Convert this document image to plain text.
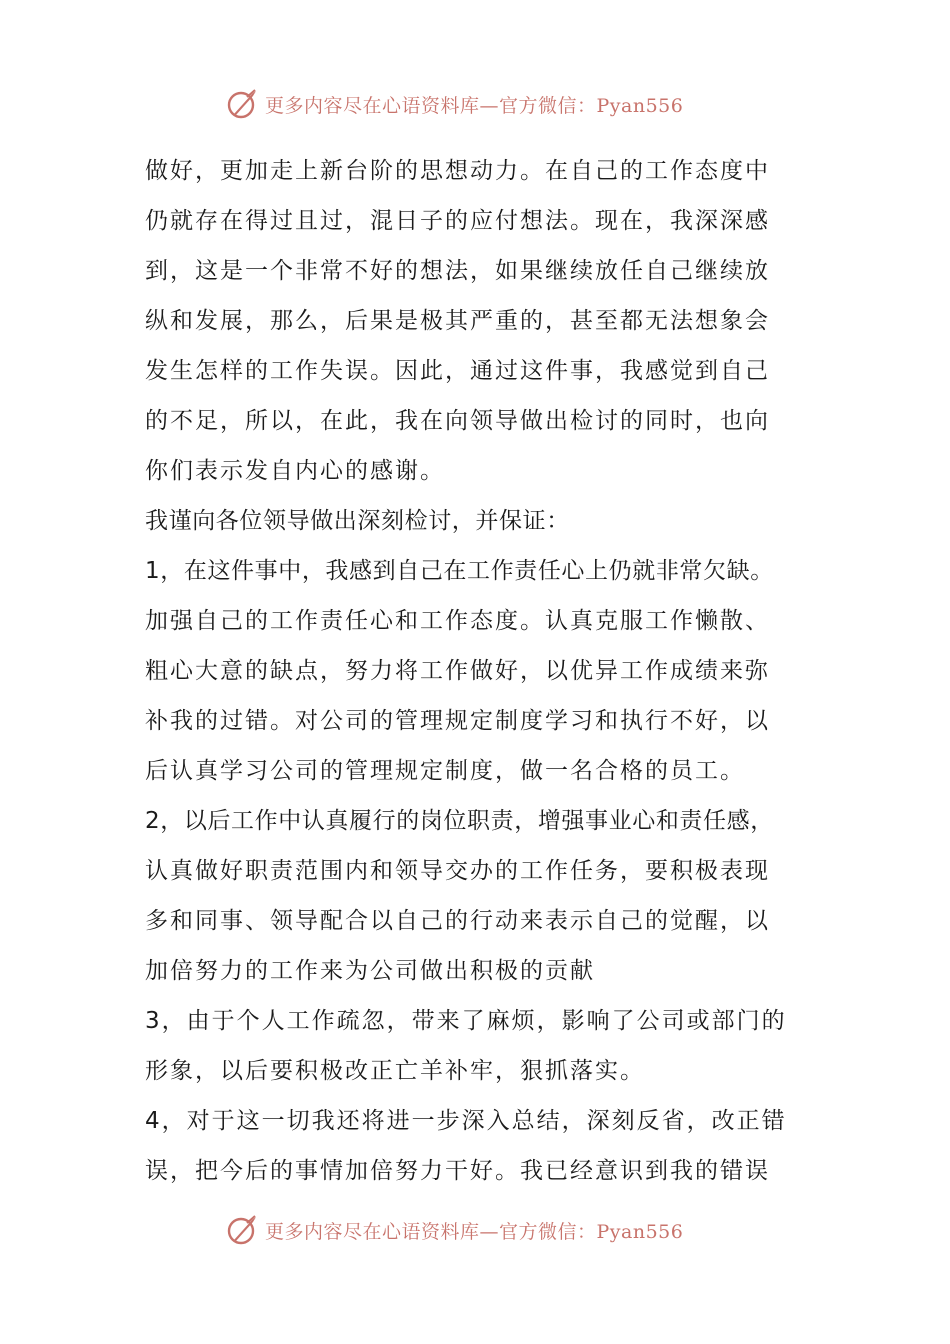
更多内容尽在心语资料库—官方微信：Pyan556
做好，更加走上新台阶的思想动力。在自己的工作态度中
仍就存在得过且过，混日子的应付想法。现在，我深深感
到，这是一个非常不好的想法，如果继续放任自己继续放
纵和发展，那么，后果是极其严重的，甚至都无法想象会
发生怎样的工作失误。因此，通过这件事，我感觉到自己
的不足，所以，在此，我在向领导做出检讨的同时，也向
你们表示发自内心的感谢。
我谨向各位领导做出深刻检讨，并保证：
1，在这件事中，我感到自己在工作责任心上仍就非常欠缺。
加强自己的工作责任心和工作态度。认真克服工作懒散、
粗心大意的缺点，努力将工作做好，以优异工作成绩来弥
补我的过错。对公司的管理规定制度学习和执行不好，以
后认真学习公司的管理规定制度，做一名合格的员工。
2，以后工作中认真履行的岗位职责，增强事业心和责任感，
认真做好职责范围内和领导交办的工作任务，要积极表现
多和同事、领导配合以自己的行动来表示自己的觉醒，以
加倍努力的工作来为公司做出积极的贡献
3，由于个人工作疏忽，带来了麻烦，影响了公司或部门的
形象，以后要积极改正亡羊补牢，狠抓落实。
4，对于这一切我还将进一步深入总结，深刻反省，改正错
误，把今后的事情加倍努力干好。我已经意识到我的错误
更多内容尽在心语资料库—官方微信：Pyan556
